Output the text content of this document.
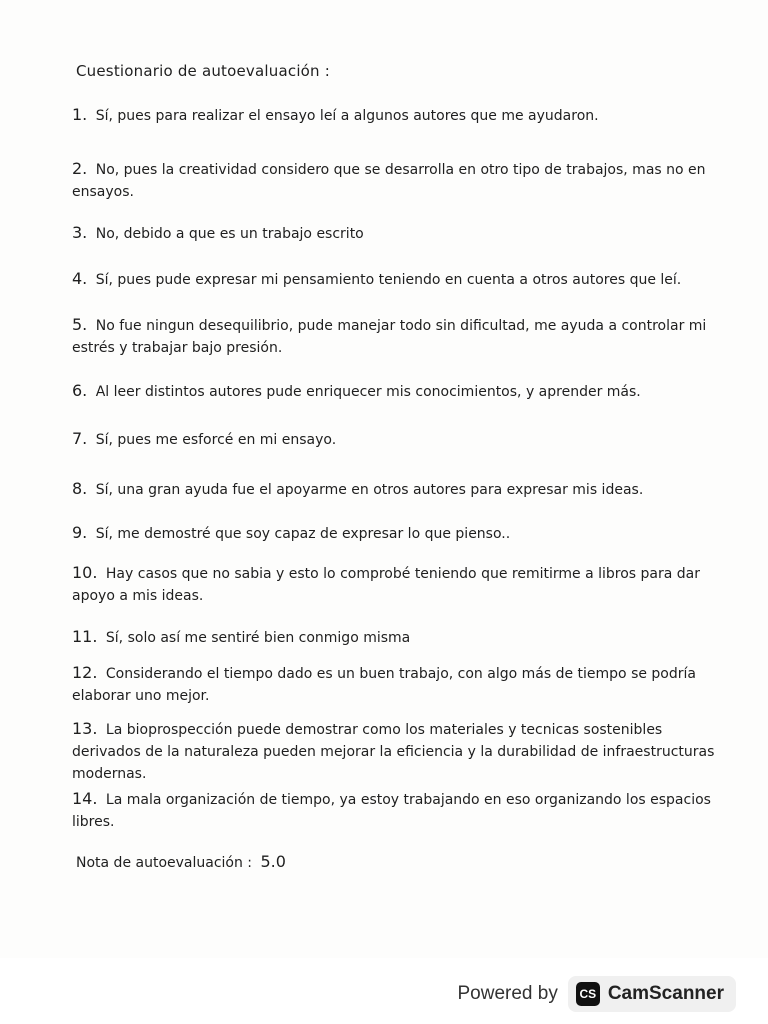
Cuestionario de autoevaluación :
1. Sí, pues para realizar el ensayo leí a algunos autores que me ayudaron.
2. No, pues la creatividad considero que se desarrolla en otro tipo de trabajos, mas no en ensayos.
3. No, debido a que es un trabajo escrito
4. Sí, pues pude expresar mi pensamiento teniendo en cuenta a otros autores que leí.
5. No fue ningun desequilibrio, pude manejar todo sin dificultad, me ayuda a controlar mi estrés y trabajar bajo presión.
6. Al leer distintos autores pude enriquecer mis conocimientos, y aprender más.
7. Sí, pues me esforcé en mi ensayo.
8. Sí, una gran ayuda fue el apoyarme en otros autores para expresar mis ideas.
9. Sí, me demostré que soy capaz de expresar lo que pienso..
10. Hay casos que no sabia y esto lo comprobé teniendo que remitirme a libros para dar apoyo a mis ideas.
11. Sí, solo así me sentiré bien conmigo misma
12. Considerando el tiempo dado es un buen trabajo, con algo más de tiempo se podría elaborar uno mejor.
13. La bioprospección puede demostrar como los materiales y tecnicas sostenibles derivados de la naturaleza pueden mejorar la eficiencia y la durabilidad de infraestructuras modernas.
14. La mala organización de tiempo, ya estoy trabajando en eso organizando los espacios libres.
Nota de autoevaluación : 5.0
Powered by	CS CamScanner
